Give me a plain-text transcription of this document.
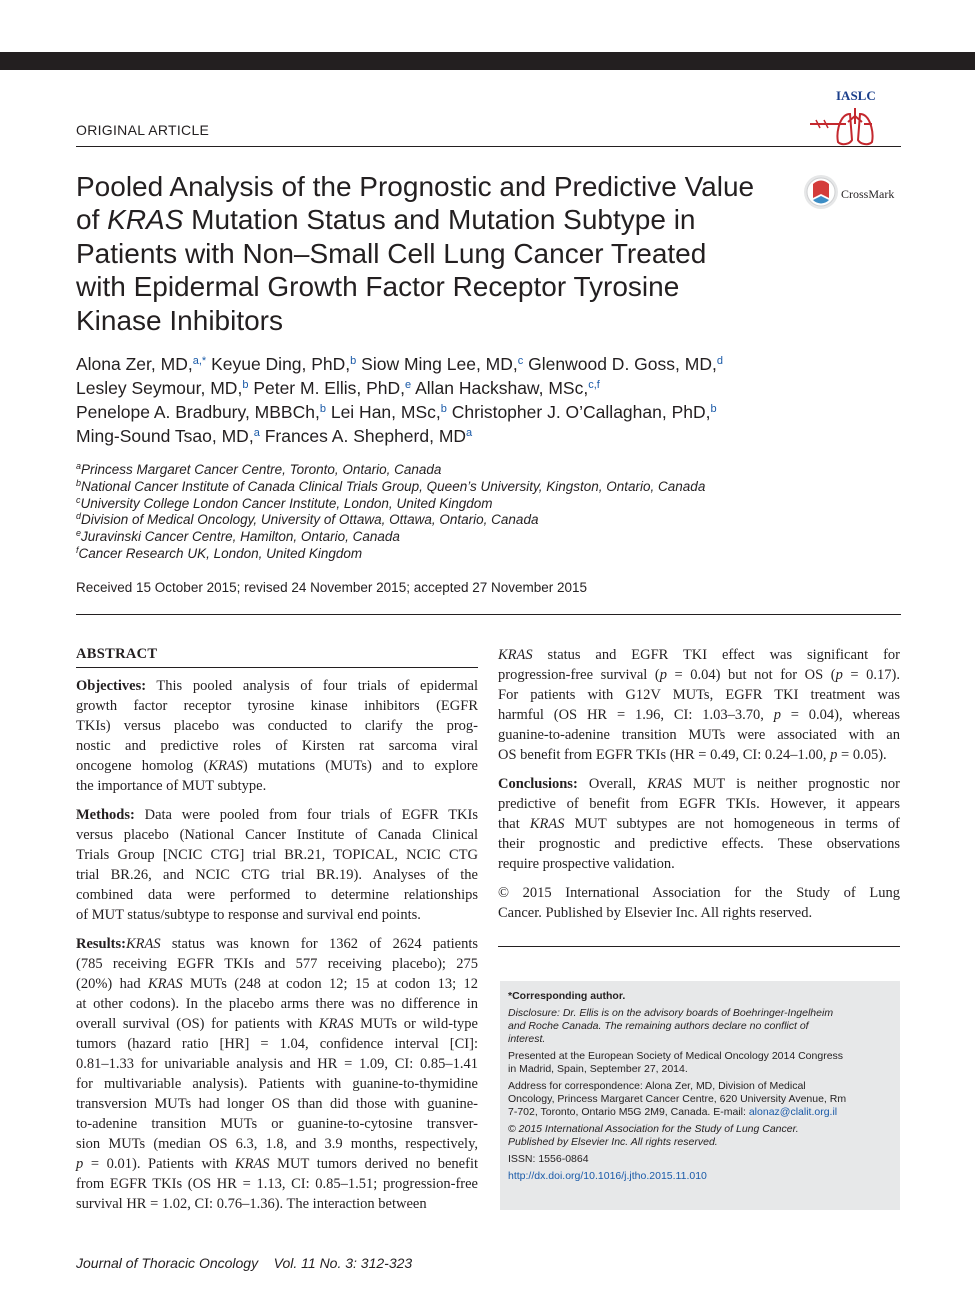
ORIGINAL ARTICLE
IASLC
CrossMark
Pooled Analysis of the Prognostic and Predictive Value
of KRAS Mutation Status and Mutation Subtype in
Patients with Non–Small Cell Lung Cancer Treated
with Epidermal Growth Factor Receptor Tyrosine
Kinase Inhibitors
Alona Zer, MD,$^{a,*}$ Keyue Ding, PhD,$^b$ Siow Ming Lee, MD,$^c$ Glenwood D. Goss, MD,$^d$
Lesley Seymour, MD,$^b$ Peter M. Ellis, PhD,$^e$ Allan Hackshaw, MSc,$^{c,f}$
Penelope A. Bradbury, MBBCh,$^b$ Lei Han, MSc,$^b$ Christopher J. O’Callaghan, PhD,$^b$
Ming-Sound Tsao, MD,$^a$ Frances A. Shepherd, $MD^a$
$^a$Princess Margaret Cancer Centre, Toronto, Ontario, Canada
$^b$National Cancer Institute of Canada Clinical Trials Group, Queen’s University, Kingston, Ontario, Canada
$^c$University College London Cancer Institute, London, United Kingdom
$^d$Division of Medical Oncology, University of Ottawa, Ottawa, Ontario, Canada
$^e$Juravinski Cancer Centre, Hamilton, Ontario, Canada
$^f$Cancer Research UK, London, United Kingdom
Received 15 October 2015; revised 24 November 2015; accepted 27 November 2015
ABSTRACT

Objectives: This pooled analysis of four trials of epidermal
growth factor receptor tyrosine kinase inhibitors (EGFR
TKIs) versus placebo was conducted to clarify the prog-
nostic and predictive roles of Kirsten rat sarcoma viral
oncogene homolog (KRAS) mutations (MUTs) and to explore
the importance of MUT subtype.

Methods: Data were pooled from four trials of EGFR TKIs
versus placebo (National Cancer Institute of Canada Clinical
Trials Group [NCIC CTG] trial BR.21, TOPICAL, NCIC CTG
trial BR.26, and NCIC CTG trial BR.19). Analyses of the
combined data were performed to determine relationships
of MUT status/subtype to response and survival end points.

Results:KRAS status was known for 1362 of 2624 patients
(785 receiving EGFR TKIs and 577 receiving placebo); 275
(20%) had KRAS MUTs (248 at codon 12; 15 at codon 13; 12
at other codons). In the placebo arms there was no difference in
overall survival (OS) for patients with KRAS MUTs or wild-type
tumors (hazard ratio [HR] = 1.04, confidence interval [CI]:
0.81–1.33 for univariable analysis and HR = 1.09, CI: 0.85–1.41
for multivariable analysis). Patients with guanine-to-thymidine
transversion MUTs had longer OS than did those with guanine-
to-adenine transition MUTs or guanine-to-cytosine transver-
sion MUTs (median OS 6.3, 1.8, and 3.9 months, respectively,
p = 0.01). Patients with KRAS MUT tumors derived no benefit
from EGFR TKIs (OS HR = 1.13, CI: 0.85–1.51; progression-free
survival HR = 1.02, CI: 0.76–1.36). The interaction between

KRAS status and EGFR TKI effect was significant for
progression-free survival (p = 0.04) but not for OS (p = 0.17).
For patients with G12V MUTs, EGFR TKI treatment was
harmful (OS HR = 1.96, CI: 1.03–3.70, p = 0.04), whereas
guanine-to-adenine transition MUTs were associated with an
OS benefit from EGFR TKIs (HR = 0.49, CI: 0.24–1.00, p = 0.05).

Conclusions: Overall, KRAS MUT is neither prognostic nor
predictive of benefit from EGFR TKIs. However, it appears
that KRAS MUT subtypes are not homogeneous in terms of
their prognostic and predictive effects. These observations
require prospective validation.

© 2015 International Association for the Study of Lung
Cancer. Published by Elsevier Inc. All rights reserved.

*Corresponding author.
Disclosure: Dr. Ellis is on the advisory boards of Boehringer-Ingelheim
and Roche Canada. The remaining authors declare no conflict of
interest.
Presented at the European Society of Medical Oncology 2014 Congress
in Madrid, Spain, September 27, 2014.
Address for correspondence: Alona Zer, MD, Division of Medical
Oncology, Princess Margaret Cancer Centre, 620 University Avenue, Rm
7-702, Toronto, Ontario M5G 2M9, Canada. E-mail: alonaz@clalit.org.il
© 2015 International Association for the Study of Lung Cancer.
Published by Elsevier Inc. All rights reserved.
ISSN: 1556-0864
http://dx.doi.org/10.1016/j.jtho.2015.11.010
Journal of Thoracic Oncology    Vol. 11 No. 3: 312-323
